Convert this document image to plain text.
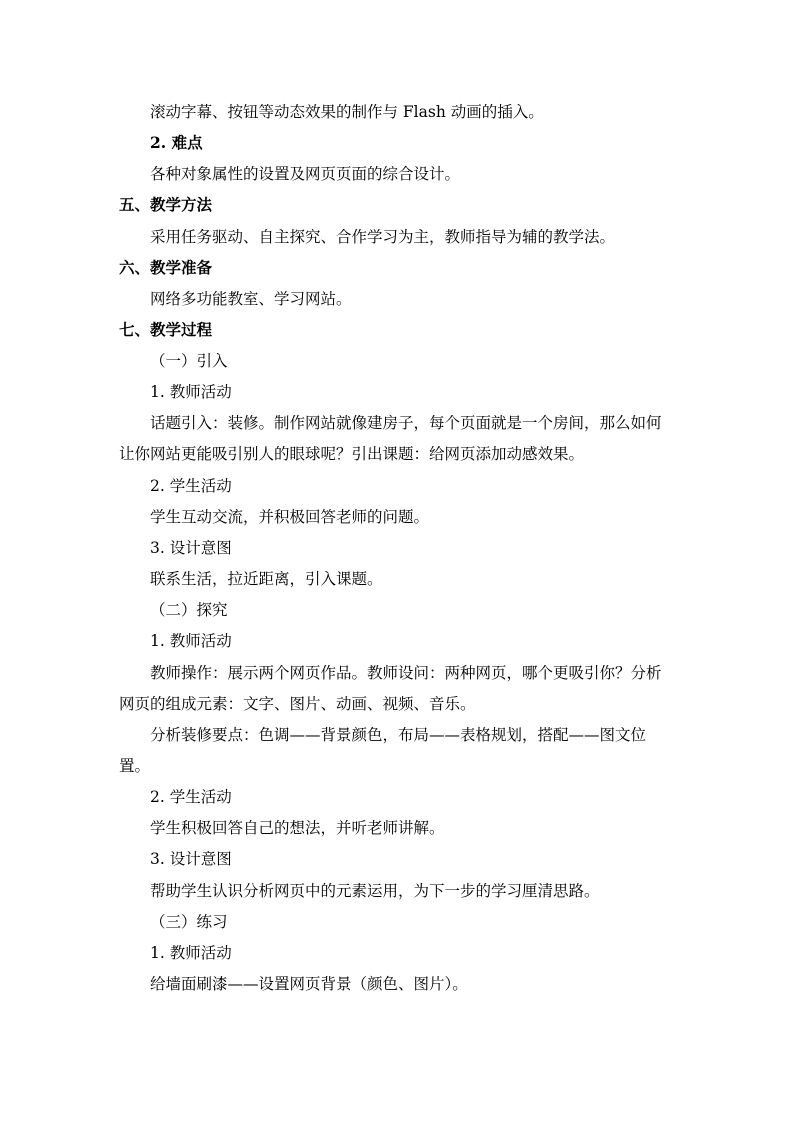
滚动字幕、按钮等动态效果的制作与 Flash 动画的插入。
2. 难点
各种对象属性的设置及网页页面的综合设计。
五、教学方法
采用任务驱动、自主探究、合作学习为主，教师指导为辅的教学法。
六、教学准备
网络多功能教室、学习网站。
七、教学过程
（一）引入
1. 教师活动
话题引入：装修。制作网站就像建房子，每个页面就是一个房间，那么如何
让你网站更能吸引别人的眼球呢？引出课题：给网页添加动感效果。
2. 学生活动
学生互动交流，并积极回答老师的问题。
3. 设计意图
联系生活，拉近距离，引入课题。
（二）探究
1. 教师活动
教师操作：展示两个网页作品。教师设问：两种网页，哪个更吸引你？分析
网页的组成元素：文字、图片、动画、视频、音乐。
分析装修要点：色调——背景颜色，布局——表格规划，搭配——图文位
置。
2. 学生活动
学生积极回答自己的想法，并听老师讲解。
3. 设计意图
帮助学生认识分析网页中的元素运用，为下一步的学习厘清思路。
（三）练习
1. 教师活动
给墙面刷漆——设置网页背景（颜色、图片）。
